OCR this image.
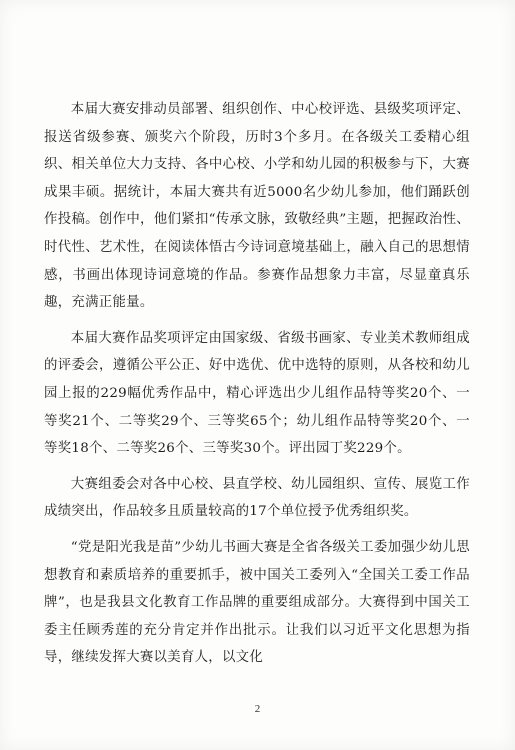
本届大赛安排动员部署、组织创作、中心校评选、县级奖项评定、报送省级参赛、颁奖六个阶段，历时3个多月。在各级关工委精心组织、相关单位大力支持、各中心校、小学和幼儿园的积极参与下，大赛成果丰硕。据统计，本届大赛共有近5000名少幼儿参加，他们踊跃创作投稿。创作中，他们紧扣“传承文脉，致敬经典”主题，把握政治性、时代性、艺术性，在阅读体悟古今诗词意境基础上，融入自己的思想情感，书画出体现诗词意境的作品。参赛作品想象力丰富，尽显童真乐趣，充满正能量。

本届大赛作品奖项评定由国家级、省级书画家、专业美术教师组成的评委会，遵循公平公正、好中选优、优中选特的原则，从各校和幼儿园上报的229幅优秀作品中，精心评选出少儿组作品特等奖20个、一等奖21个、二等奖29个、三等奖65个；幼儿组作品特等奖20个、一等奖18个、二等奖26个、三等奖30个。评出园丁奖229个。

大赛组委会对各中心校、县直学校、幼儿园组织、宣传、展览工作成绩突出，作品较多且质量较高的17个单位授予优秀组织奖。

“党是阳光我是苗”少幼儿书画大赛是全省各级关工委加强少幼儿思想教育和素质培养的重要抓手，被中国关工委列入“全国关工委工作品牌”，也是我县文化教育工作品牌的重要组成部分。大赛得到中国关工委主任顾秀莲的充分肯定并作出批示。让我们以习近平文化思想为指导，继续发挥大赛以美育人，以文化

2
